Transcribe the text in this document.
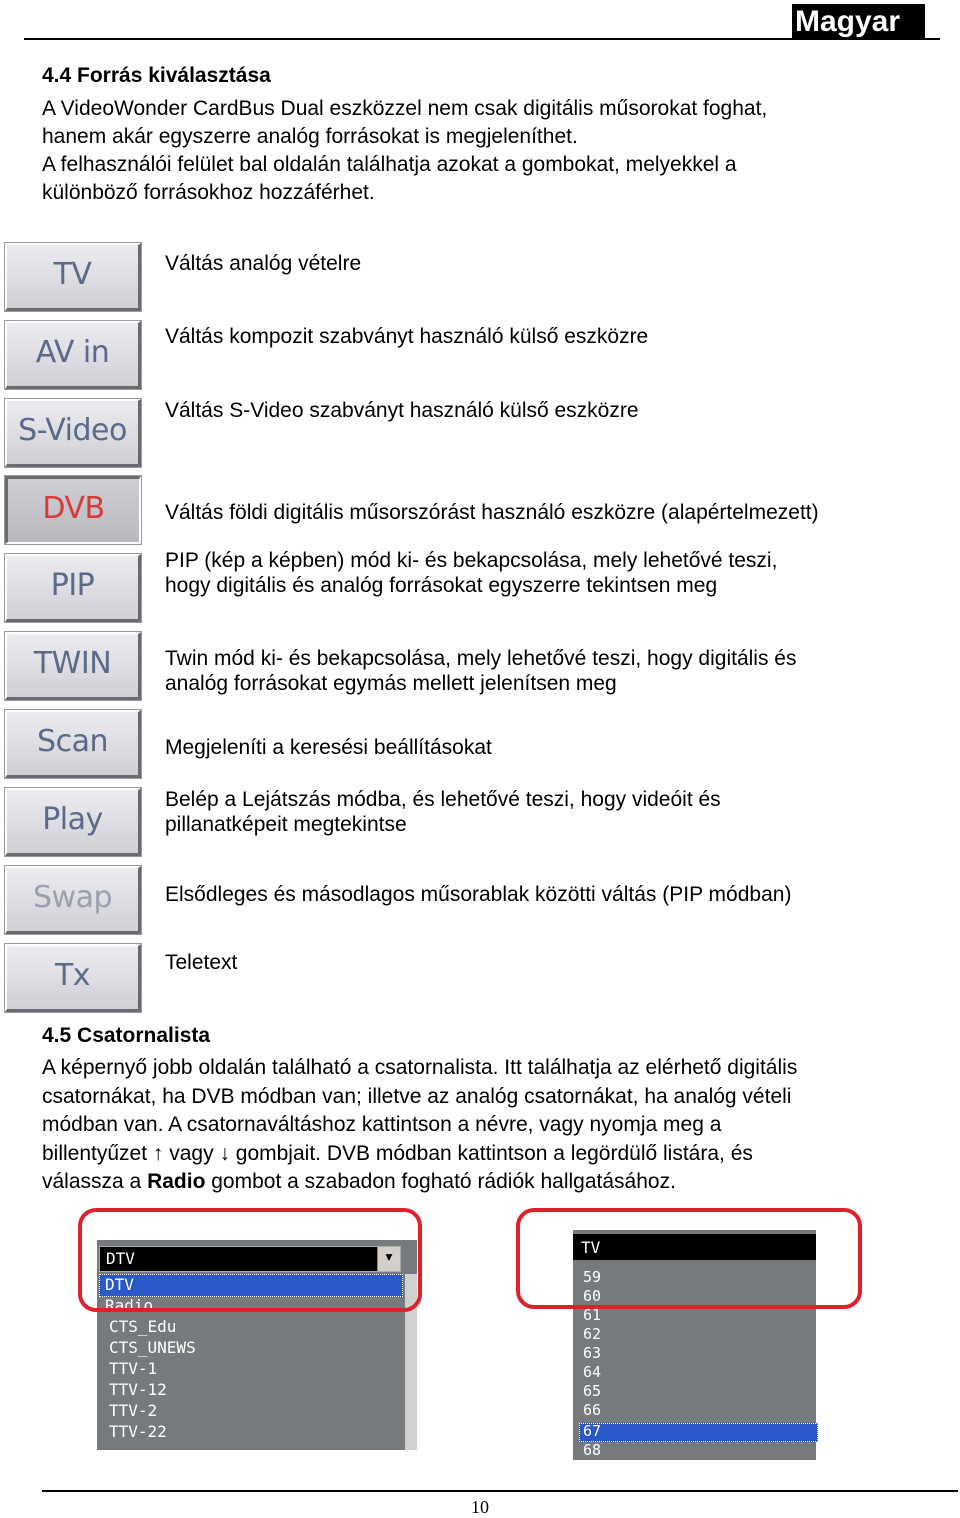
Magyar
4.4 Forrás kiválasztása

A VideoWonder CardBus Dual eszközzel nem csak digitális műsorokat foghat,
hanem akár egyszerre analóg forrásokat is megjeleníthet.
A felhasználói felület bal oldalán találhatja azokat a gombokat, melyekkel a
különböző forrásokhoz hozzáférhet.

TV
AV in
S-Video
DVB
PIP
TWIN
Scan
Play
Swap
Tx

Váltás analóg vételre

Váltás kompozit szabványt használó külső eszközre

Váltás S-Video szabványt használó külső eszközre

Váltás földi digitális műsorszórást használó eszközre (alapértelmezett)

PIP (kép a képben) mód ki- és bekapcsolása, mely lehetővé teszi,
hogy digitális és analóg forrásokat egyszerre tekintsen meg

Twin mód ki- és bekapcsolása, mely lehetővé teszi, hogy digitális és
analóg forrásokat egymás mellett jelenítsen meg

Megjeleníti a keresési beállításokat

Belép a Lejátszás módba, és lehetővé teszi, hogy videóit és
pillanatképeit megtekintse

Elsődleges és másodlagos műsorablak közötti váltás (PIP módban)

Teletext

4.5 Csatornalista

A képernyő jobb oldalán található a csatornalista. Itt találhatja az elérhető digitális
csatornákat, ha DVB módban van; illetve az analóg csatornákat, ha analóg vételi
módban van. A csatornaváltáshoz kattintson a névre, vagy nyomja meg a
billentyűzet ↑ vagy ↓ gombjait. DVB módban kattintson a legördülő listára, és
válassza a Radio gombot a szabadon fogható rádiók hallgatásához.

DTV	▼
DTV
Radio
CTS_Edu
CTS_UNEWS
TTV-1
TTV-12
TTV-2
TTV-22
TV
59
60
61
62
63
64
65
66
67
68
10
